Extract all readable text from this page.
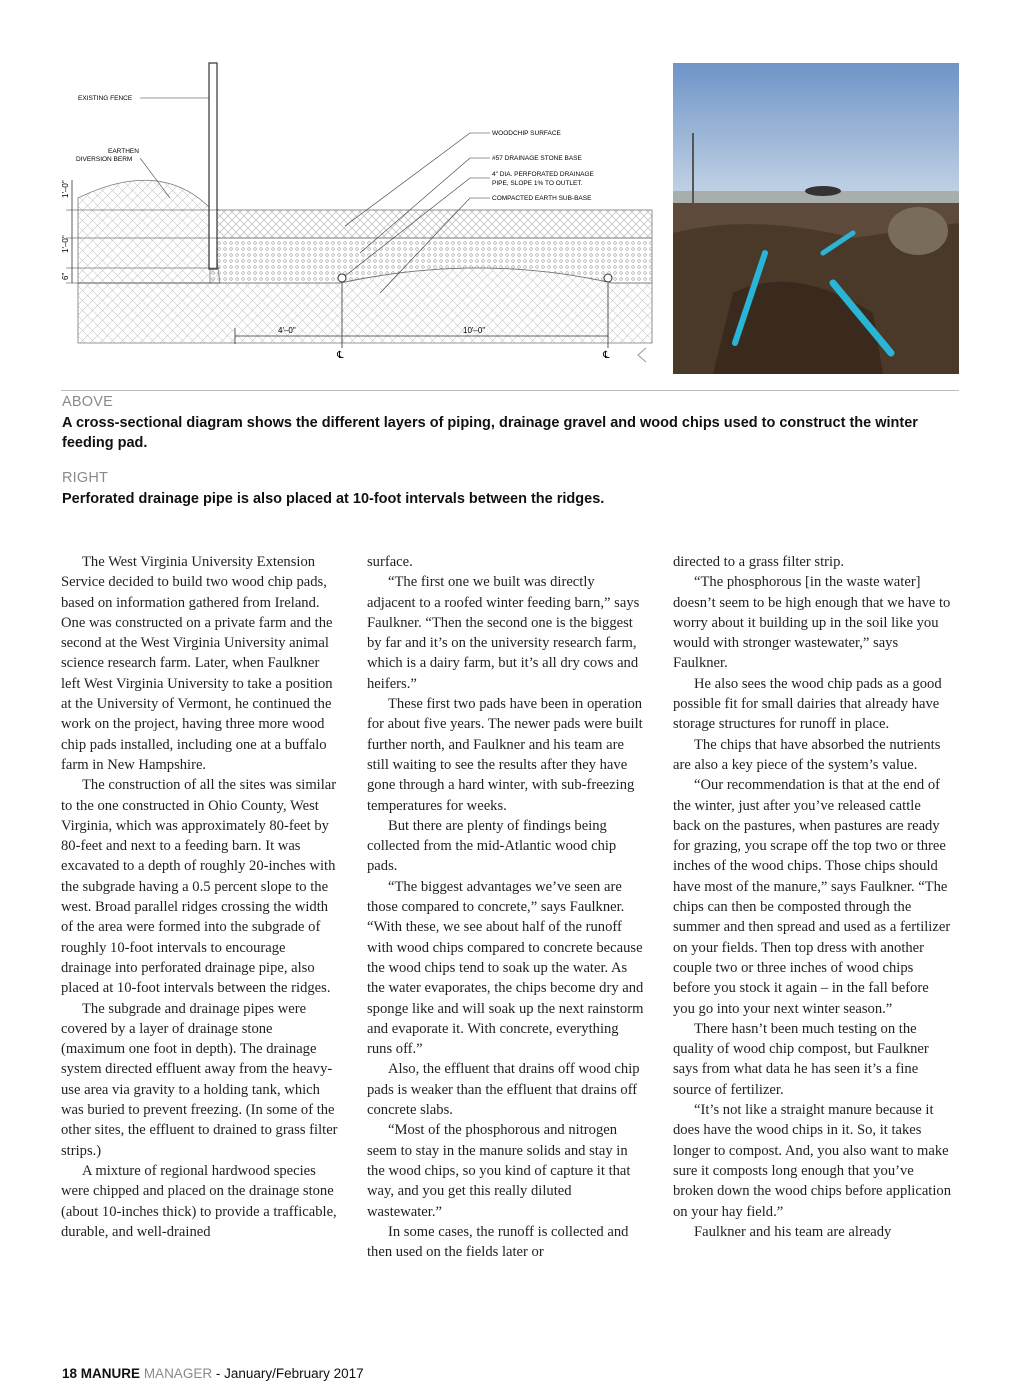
1'–0"
1'–0"
6"
4'–0"	10'–0"
℄	℄
EXISTING FENCE
EARTHEN
DIVERSION BERM
WOODCHIP SURFACE
#57 DRAINAGE STONE BASE
4" DIA. PERFORATED DRAINAGE
PIPE, SLOPE 1% TO OUTLET.
COMPACTED EARTH SUB-BASE
ABOVE
A cross-sectional diagram shows the different layers of piping, drainage gravel and wood chips used to construct the winter feeding pad.
RIGHT
Perforated drainage pipe is also placed at 10-foot intervals between the ridges.

The West Virginia University Extension Service decided to build two wood chip pads, based on information gathered from Ireland. One was constructed on a private farm and the second at the West Virginia University animal science research farm. Later, when Faulkner left West Virginia University to take a position at the University of Vermont, he continued the work on the project, having three more wood chip pads installed, including one at a buffalo farm in New Hampshire.

The construction of all the sites was similar to the one constructed in Ohio County, West Virginia, which was approximately 80-feet by 80-feet and next to a feeding barn. It was excavated to a depth of roughly 20-inches with the subgrade having a 0.5 percent slope to the west. Broad parallel ridges crossing the width of the area were formed into the subgrade of roughly 10-foot intervals to encourage drainage into perforated drainage pipe, also placed at 10-foot intervals between the ridges.

The subgrade and drainage pipes were covered by a layer of drainage stone (maximum one foot in depth). The drainage system directed effluent away from the heavy-use area via gravity to a holding tank, which was buried to prevent freezing. (In some of the other sites, the effluent to drained to grass filter strips.)

A mixture of regional hardwood species were chipped and placed on the drainage stone (about 10-inches thick) to provide a trafficable, durable, and well-drained

surface.

“The first one we built was directly adjacent to a roofed winter feeding barn,” says Faulkner. “Then the second one is the biggest by far and it’s on the university research farm, which is a dairy farm, but it’s all dry cows and heifers.”

These first two pads have been in operation for about five years. The newer pads were built further north, and Faulkner and his team are still waiting to see the results after they have gone through a hard winter, with sub-freezing temperatures for weeks.

But there are plenty of findings being collected from the mid-Atlantic wood chip pads.

“The biggest advantages we’ve seen are those compared to concrete,” says Faulkner. “With these, we see about half of the runoff with wood chips compared to concrete because the wood chips tend to soak up the water. As the water evaporates, the chips become dry and sponge like and will soak up the next rainstorm and evaporate it. With concrete, everything runs off.”

Also, the effluent that drains off wood chip pads is weaker than the effluent that drains off concrete slabs.

“Most of the phosphorous and nitrogen seem to stay in the manure solids and stay in the wood chips, so you kind of capture it that way, and you get this really diluted wastewater.”

In some cases, the runoff is collected and then used on the fields later or

directed to a grass filter strip.

“The phosphorous [in the waste water] doesn’t seem to be high enough that we have to worry about it building up in the soil like you would with stronger wastewater,” says Faulkner.

He also sees the wood chip pads as a good possible fit for small dairies that already have storage structures for runoff in place.

The chips that have absorbed the nutrients are also a key piece of the system’s value.

“Our recommendation is that at the end of the winter, just after you’ve released cattle back on the pastures, when pastures are ready for grazing, you scrape off the top two or three inches of the wood chips. Those chips should have most of the manure,” says Faulkner. “The chips can then be composted through the summer and then spread and used as a fertilizer on your fields. Then top dress with another couple two or three inches of wood chips before you stock it again – in the fall before you go into your next winter season.”

There hasn’t been much testing on the quality of wood chip compost, but Faulkner says from what data he has seen it’s a fine source of fertilizer.

“It’s not like a straight manure because it does have the wood chips in it. So, it takes longer to compost. And, you also want to make sure it composts long enough that you’ve broken down the wood chips before application on your hay field.”

Faulkner and his team are already

18 MANURE MANAGER - January/February 2017
